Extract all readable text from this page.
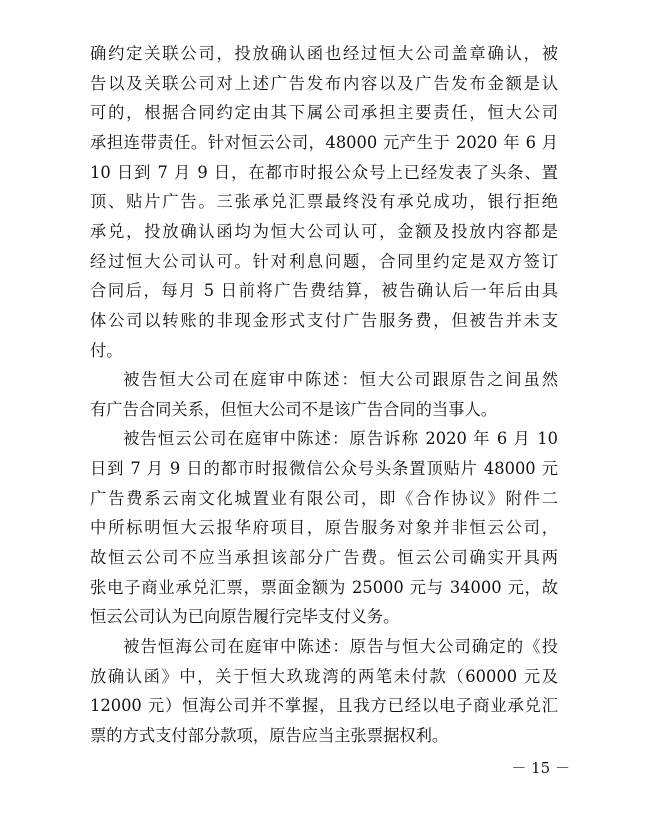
确约定关联公司，投放确认函也经过恒大公司盖章确认，被
告以及关联公司对上述广告发布内容以及广告发布金额是认
可的，根据合同约定由其下属公司承担主要责任，恒大公司
承担连带责任。针对恒云公司，48000 元产生于 2020 年 6 月
10 日到 7 月 9 日，在都市时报公众号上已经发表了头条、置
顶、贴片广告。三张承兑汇票最终没有承兑成功，银行拒绝
承兑，投放确认函均为恒大公司认可，金额及投放内容都是
经过恒大公司认可。针对利息问题，合同里约定是双方签订
合同后，每月 5 日前将广告费结算，被告确认后一年后由具
体公司以转账的非现金形式支付广告服务费，但被告并未支
付。
被告恒大公司在庭审中陈述：恒大公司跟原告之间虽然
有广告合同关系，但恒大公司不是该广告合同的当事人。
被告恒云公司在庭审中陈述：原告诉称 2020 年 6 月 10
日到 7 月 9 日的都市时报微信公众号头条置顶贴片 48000 元
广告费系云南文化城置业有限公司，即《合作协议》附件二
中所标明恒大云报华府项目，原告服务对象并非恒云公司，
故恒云公司不应当承担该部分广告费。恒云公司确实开具两
张电子商业承兑汇票，票面金额为 25000 元与 34000 元，故
恒云公司认为已向原告履行完毕支付义务。
被告恒海公司在庭审中陈述：原告与恒大公司确定的《投
放确认函》中，关于恒大玖珑湾的两笔未付款（60000 元及
12000 元）恒海公司并不掌握，且我方已经以电子商业承兑汇
票的方式支付部分款项，原告应当主张票据权利。
－ 15 －
